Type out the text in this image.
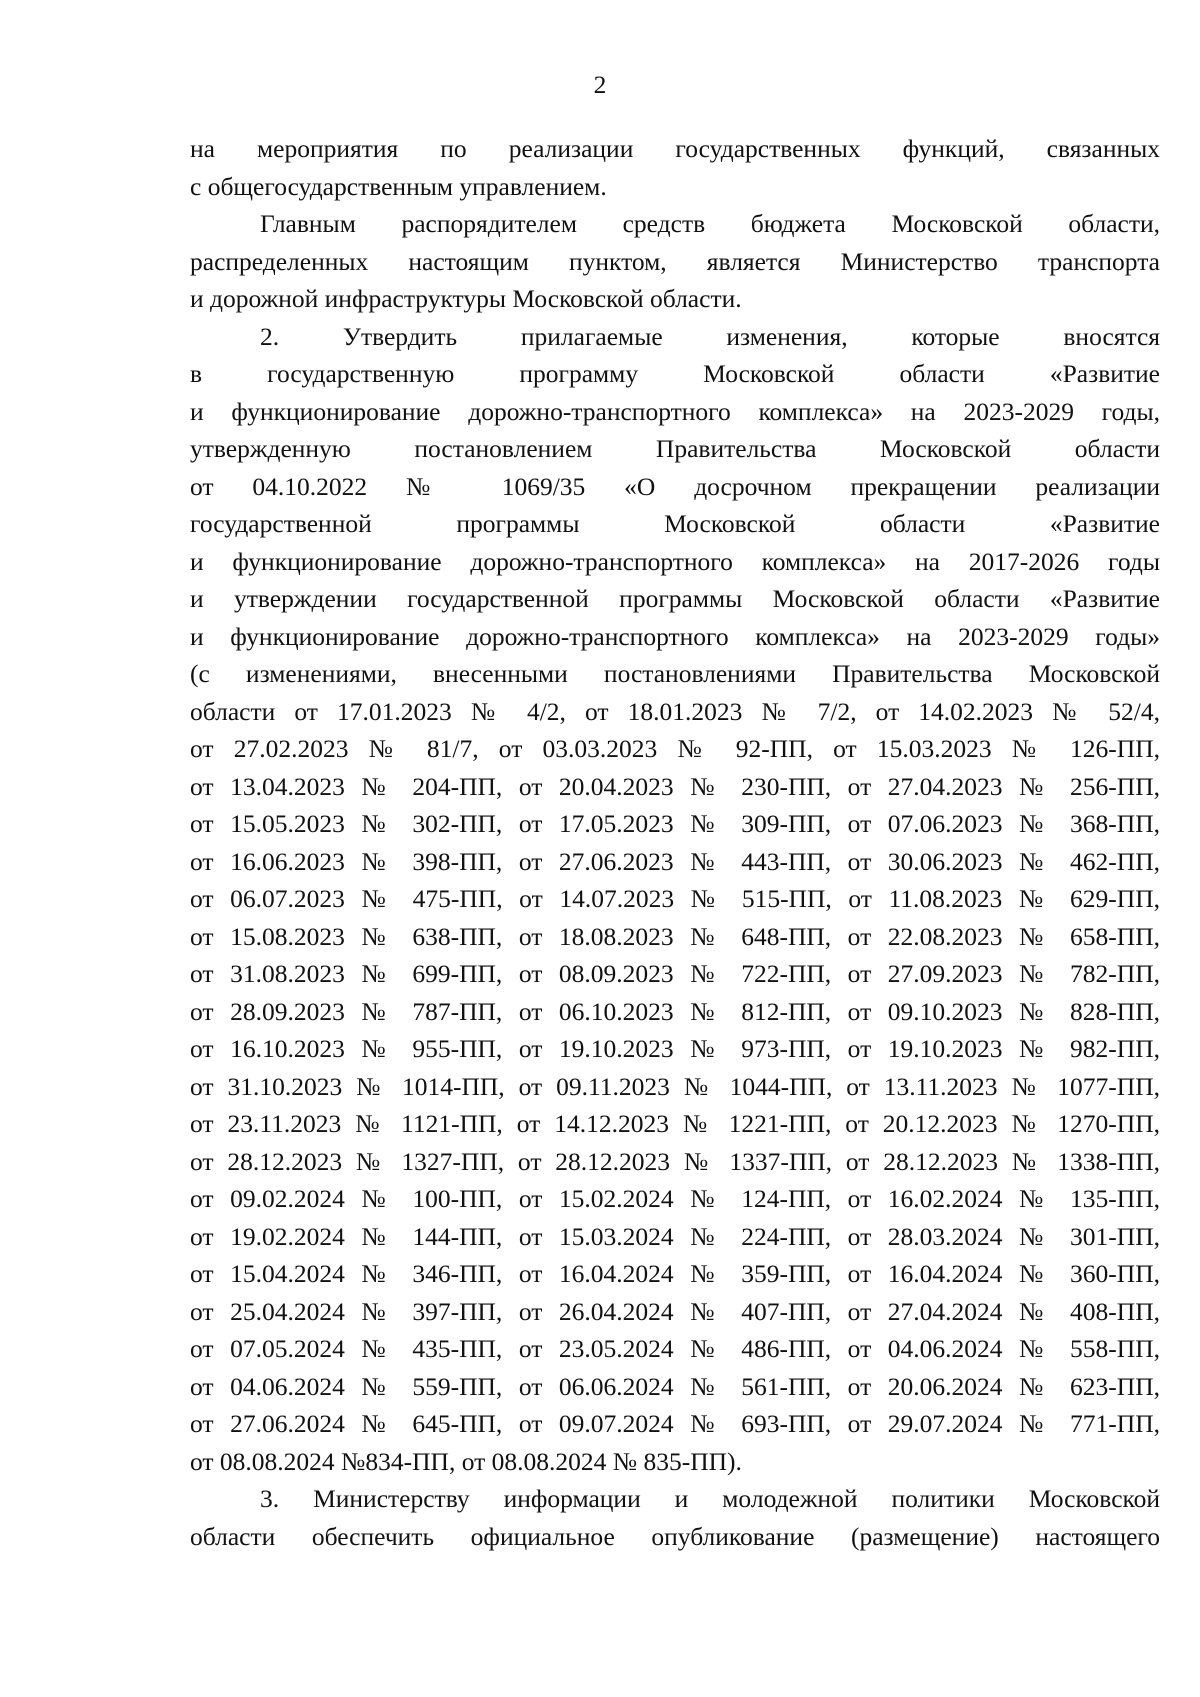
2
на мероприятия по реализации государственных функций, связанных
с общегосударственным управлением.
Главным распорядителем средств бюджета Московской области,
распределенных настоящим пунктом, является Министерство транспорта
и дорожной инфраструктуры Московской области.
2. Утвердить прилагаемые изменения, которые вносятся
в государственную программу Московской области «Развитие
и функционирование дорожно-транспортного комплекса» на 2023-2029 годы,
утвержденную постановлением Правительства Московской области
от 04.10.2022 № 1069/35 «О досрочном прекращении реализации
государственной программы Московской области «Развитие
и функционирование дорожно-транспортного комплекса» на 2017-2026 годы
и утверждении государственной программы Московской области «Развитие
и функционирование дорожно-транспортного комплекса» на 2023-2029 годы»
(с изменениями, внесенными постановлениями Правительства Московской
области от 17.01.2023 № 4/2, от 18.01.2023 № 7/2, от 14.02.2023 № 52/4,
от 27.02.2023 № 81/7, от 03.03.2023 № 92-ПП, от 15.03.2023 № 126-ПП,
от 13.04.2023 № 204-ПП, от 20.04.2023 № 230-ПП, от 27.04.2023 № 256-ПП,
от 15.05.2023 № 302-ПП, от 17.05.2023 № 309-ПП, от 07.06.2023 № 368-ПП,
от 16.06.2023 № 398-ПП, от 27.06.2023 № 443-ПП, от 30.06.2023 № 462-ПП,
от 06.07.2023 № 475-ПП, от 14.07.2023 № 515-ПП, от 11.08.2023 № 629-ПП,
от 15.08.2023 № 638-ПП, от 18.08.2023 № 648-ПП, от 22.08.2023 № 658-ПП,
от 31.08.2023 № 699-ПП, от 08.09.2023 № 722-ПП, от 27.09.2023 № 782-ПП,
от 28.09.2023 № 787-ПП, от 06.10.2023 № 812-ПП, от 09.10.2023 № 828-ПП,
от 16.10.2023 № 955-ПП, от 19.10.2023 № 973-ПП, от 19.10.2023 № 982-ПП,
от 31.10.2023 № 1014-ПП, от 09.11.2023 № 1044-ПП, от 13.11.2023 № 1077-ПП,
от 23.11.2023 № 1121-ПП, от 14.12.2023 № 1221-ПП, от 20.12.2023 № 1270-ПП,
от 28.12.2023 № 1327-ПП, от 28.12.2023 № 1337-ПП, от 28.12.2023 № 1338-ПП,
от 09.02.2024 № 100-ПП, от 15.02.2024 № 124-ПП, от 16.02.2024 № 135-ПП,
от 19.02.2024 № 144-ПП, от 15.03.2024 № 224-ПП, от 28.03.2024 № 301-ПП,
от 15.04.2024 № 346-ПП, от 16.04.2024 № 359-ПП, от 16.04.2024 № 360-ПП,
от 25.04.2024 № 397-ПП, от 26.04.2024 № 407-ПП, от 27.04.2024 № 408-ПП,
от 07.05.2024 № 435-ПП, от 23.05.2024 № 486-ПП, от 04.06.2024 № 558-ПП,
от 04.06.2024 № 559-ПП, от 06.06.2024 № 561-ПП, от 20.06.2024 № 623-ПП,
от 27.06.2024 № 645-ПП, от 09.07.2024 № 693-ПП, от 29.07.2024 № 771-ПП,
от 08.08.2024 №834-ПП, от 08.08.2024 № 835-ПП).
3. Министерству информации и молодежной политики Московской
области обеспечить официальное опубликование (размещение) настоящего
